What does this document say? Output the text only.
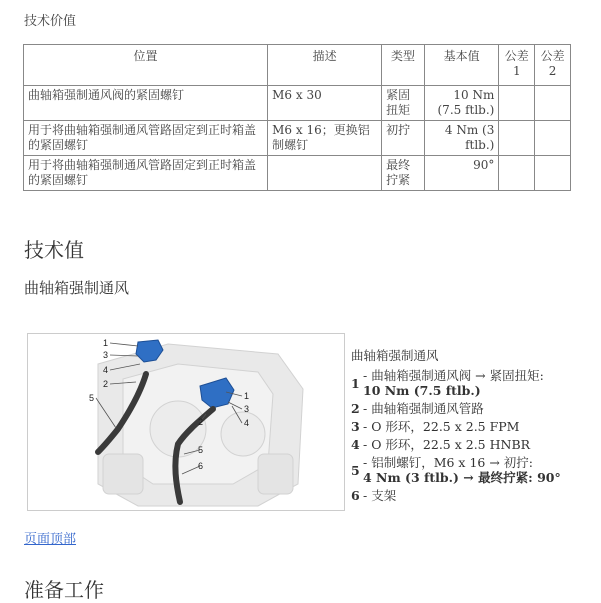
技术价值
位置	描述	类型	基本值	公差 1	公差 2
曲轴箱强制通风阀的紧固螺钉	M6 x 30	紧固扭矩	10 Nm (7.5 ftlb.)		
用于将曲轴箱强制通风管路固定到正时箱盖的紧固螺钉	M6 x 16；更换铝制螺钉	初拧	4 Nm (3 ftlb.)		
用于将曲轴箱强制通风管路固定到正时箱盖的紧固螺钉		最终拧紧	90°		
技术值
曲轴箱强制通风
1
3
4
2
5	1
3
4
2
5
6
曲轴箱强制通风
1 - 曲轴箱强制通风阀 → 紧固扭矩:
10 Nm (7.5 ftlb.)
2 - 曲轴箱强制通风管路
3 - O 形环，22.5 x 2.5 FPM
4 - O 形环，22.5 x 2.5 HNBR
5 - 铝制螺钉，M6 x 16 → 初拧:
4 Nm (3 ftlb.) → 最终拧紧: 90°
6 - 支架
页面顶部
准备工作
